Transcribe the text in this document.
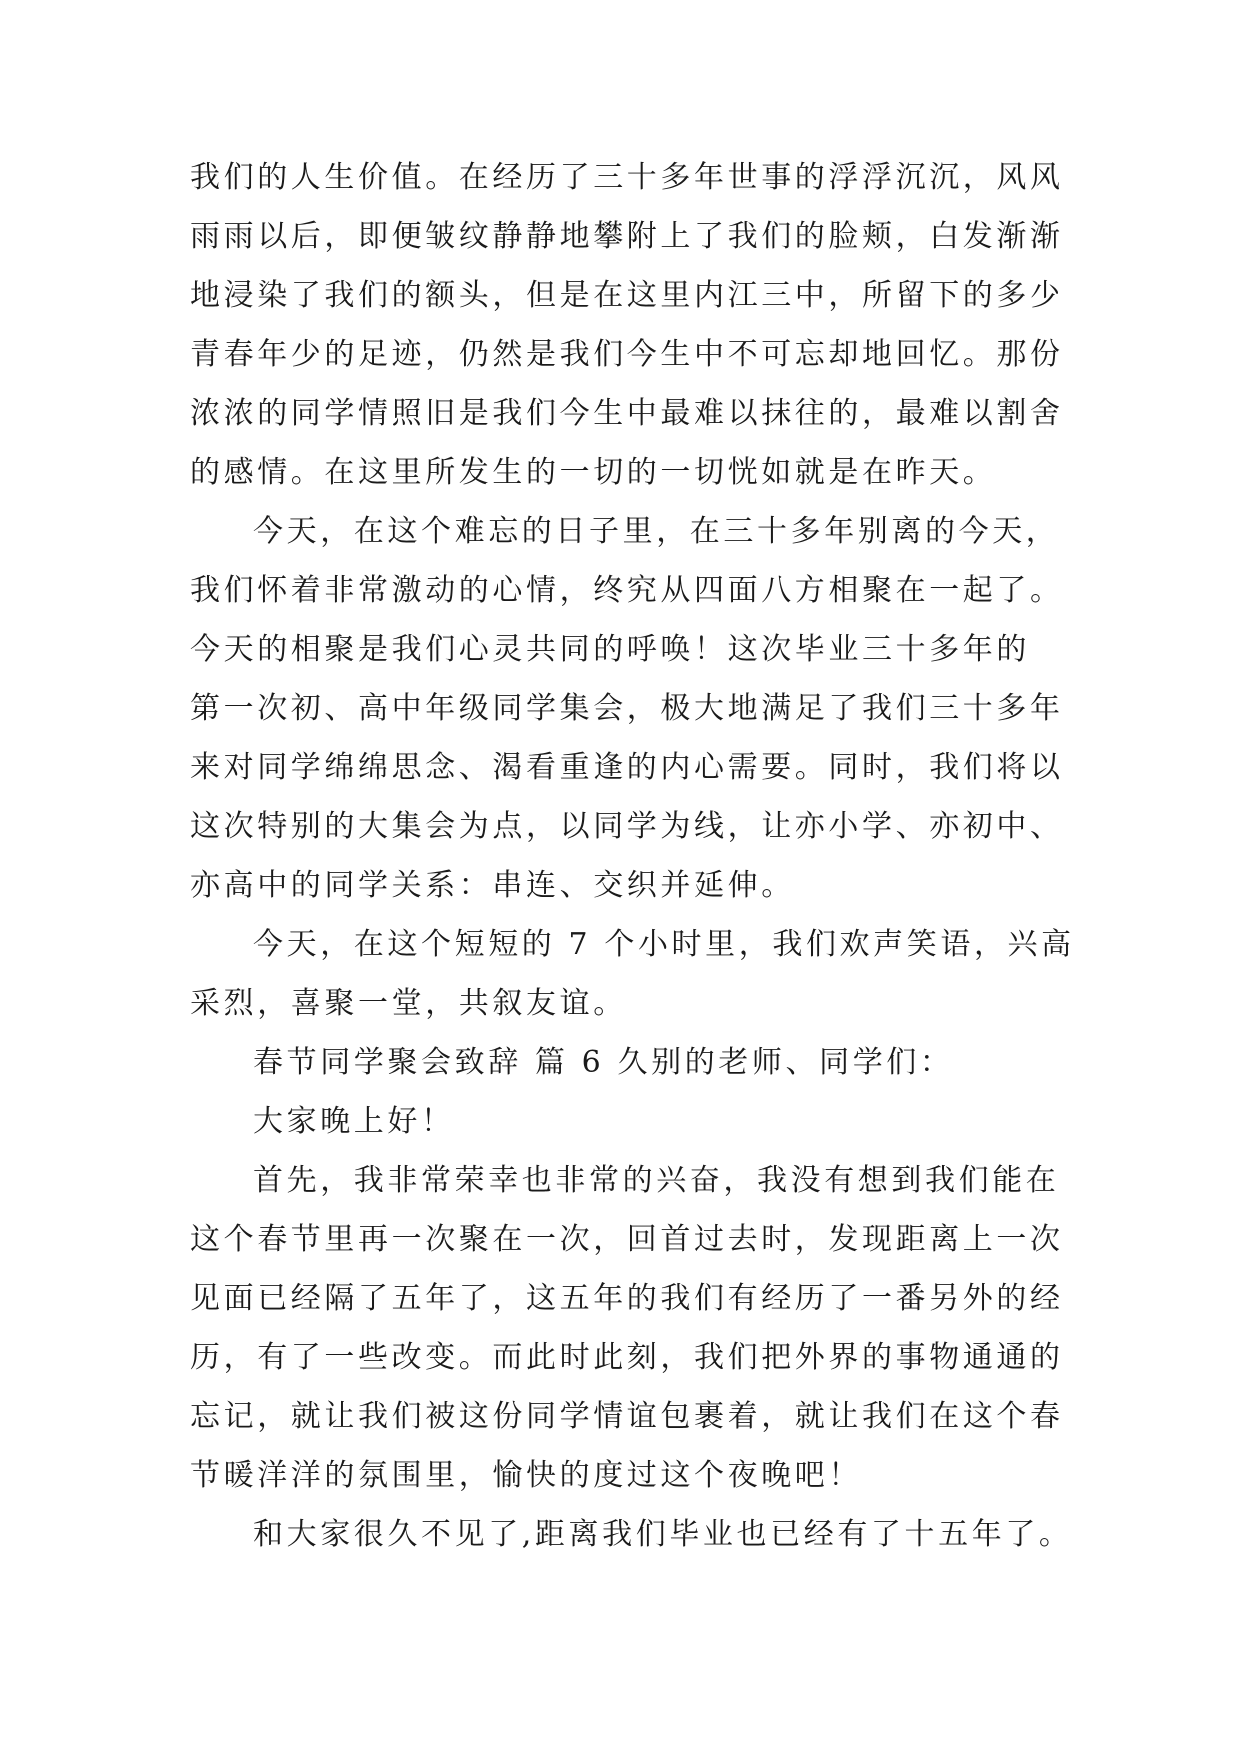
我们的人生价值。在经历了三十多年世事的浮浮沉沉，风风
雨雨以后，即便皱纹静静地攀附上了我们的脸颊，白发渐渐
地浸染了我们的额头，但是在这里内江三中，所留下的多少
青春年少的足迹，仍然是我们今生中不可忘却地回忆。那份
浓浓的同学情照旧是我们今生中最难以抹往的，最难以割舍
的感情。在这里所发生的一切的一切恍如就是在昨天。
今天，在这个难忘的日子里，在三十多年别离的今天，
我们怀着非常激动的心情，终究从四面八方相聚在一起了。
今天的相聚是我们心灵共同的呼唤！这次毕业三十多年的
第一次初、高中年级同学集会，极大地满足了我们三十多年
来对同学绵绵思念、渴看重逢的内心需要。同时，我们将以
这次特别的大集会为点，以同学为线，让亦小学、亦初中、
亦高中的同学关系：串连、交织并延伸。
今天，在这个短短的 7 个小时里，我们欢声笑语，兴高
采烈，喜聚一堂，共叙友谊。
春节同学聚会致辞 篇 6 久别的老师、同学们：
大家晚上好！
首先，我非常荣幸也非常的兴奋，我没有想到我们能在
这个春节里再一次聚在一次，回首过去时，发现距离上一次
见面已经隔了五年了，这五年的我们有经历了一番另外的经
历，有了一些改变。而此时此刻，我们把外界的事物通通的
忘记，就让我们被这份同学情谊包裹着，就让我们在这个春
节暖洋洋的氛围里，愉快的度过这个夜晚吧！
和大家很久不见了,距离我们毕业也已经有了十五年了。
